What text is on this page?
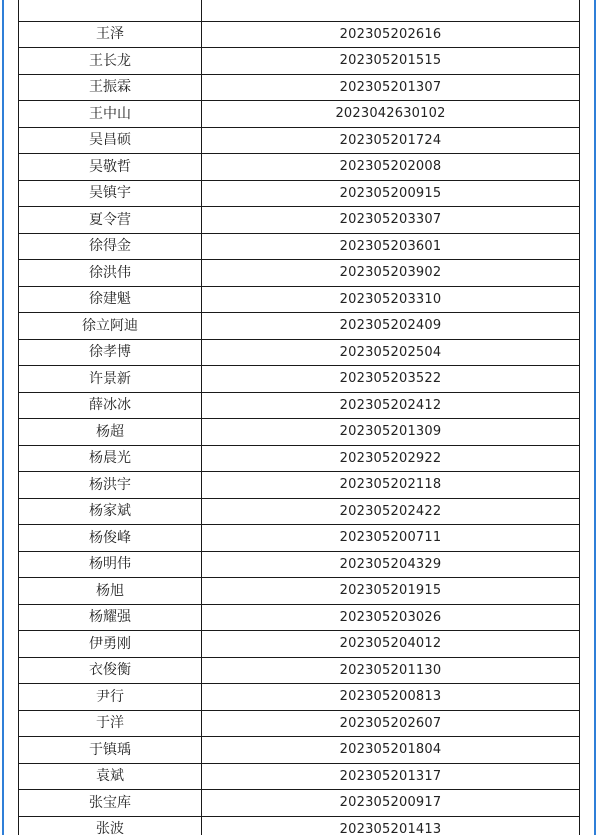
王泽	202305202616
王长龙	202305201515
王振霖	202305201307
王中山	2023042630102
吴昌硕	202305201724
吴敬哲	202305202008
吴镇宇	202305200915
夏令营	202305203307
徐得金	202305203601
徐洪伟	202305203902
徐建魁	202305203310
徐立阿迪	202305202409
徐孝博	202305202504
许景新	202305203522
薛冰冰	202305202412
杨超	202305201309
杨晨光	202305202922
杨洪宇	202305202118
杨家斌	202305202422
杨俊峰	202305200711
杨明伟	202305204329
杨旭	202305201915
杨耀强	202305203026
伊勇刚	202305204012
衣俊衡	202305201130
尹行	202305200813
于洋	202305202607
于镇瑀	202305201804
袁斌	202305201317
张宝库	202305200917
张波	202305201413
